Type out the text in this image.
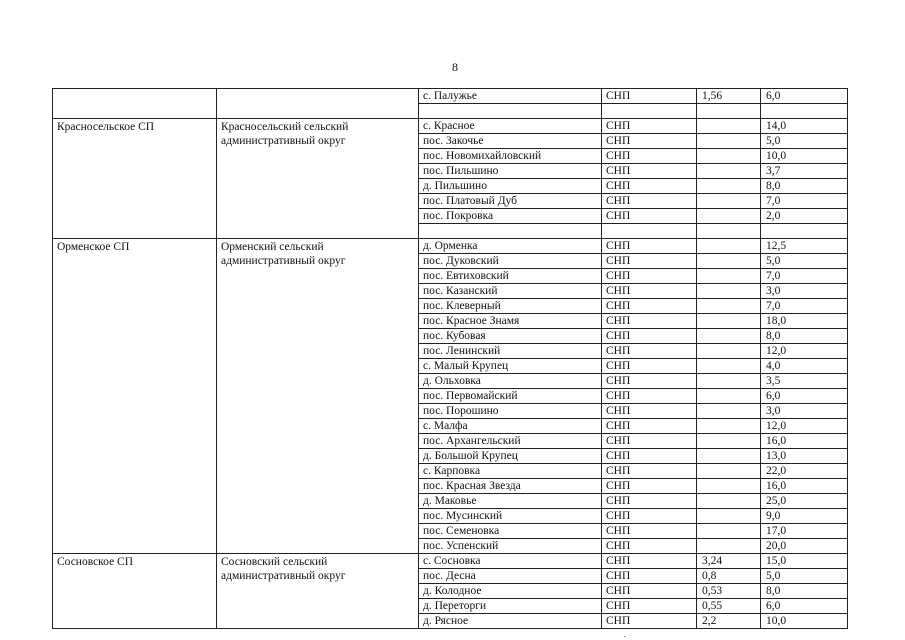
8
		с. Палужье	СНП	1,56	6,0

Красносельское СП	Красносельский сельский административный округ	с. Красное	СНП		14,0
		пос. Закочье	СНП		5,0
		пос. Новомихайловский	СНП		10,0
		пос. Пильшино	СНП		3,7
		д. Пильшино	СНП		8,0
		пос. Платовый Дуб	СНП		7,0
		пос. Покровка	СНП		2,0

Орменское СП	Орменский сельский административный округ	д. Орменка	СНП		12,5
		пос. Дуковский	СНП		5,0
		пос. Евтиховский	СНП		7,0
		пос. Казанский	СНП		3,0
		пос. Клеверный	СНП		7,0
		пос. Красное Знамя	СНП		18,0
		пос. Кубовая	СНП		8,0
		пос. Ленинский	СНП		12,0
		с. Малый Крупец	СНП		4,0
		д. Ольховка	СНП		3,5
		пос. Первомайский	СНП		6,0
		пос. Порошино	СНП		3,0
		с. Малфа	СНП		12,0
		пос. Архангельский	СНП		16,0
		д. Большой Крупец	СНП		13,0
		с. Карповка	СНП		22,0
		пос. Красная Звезда	СНП		16,0
		д. Маковье	СНП		25,0
		пос. Мусинский	СНП		9,0
		пос. Семеновка	СНП		17,0
		пос. Успенский	СНП		20,0
Сосновское СП	Сосновский сельский административный округ	с. Сосновка	СНП	3,24	15,0
		пос. Десна	СНП	0,8	5,0
		д. Колодное	СНП	0,53	8,0
		д. Переторги	СНП	0,55	6,0
		д. Рясное	СНП	2,2	10,0
